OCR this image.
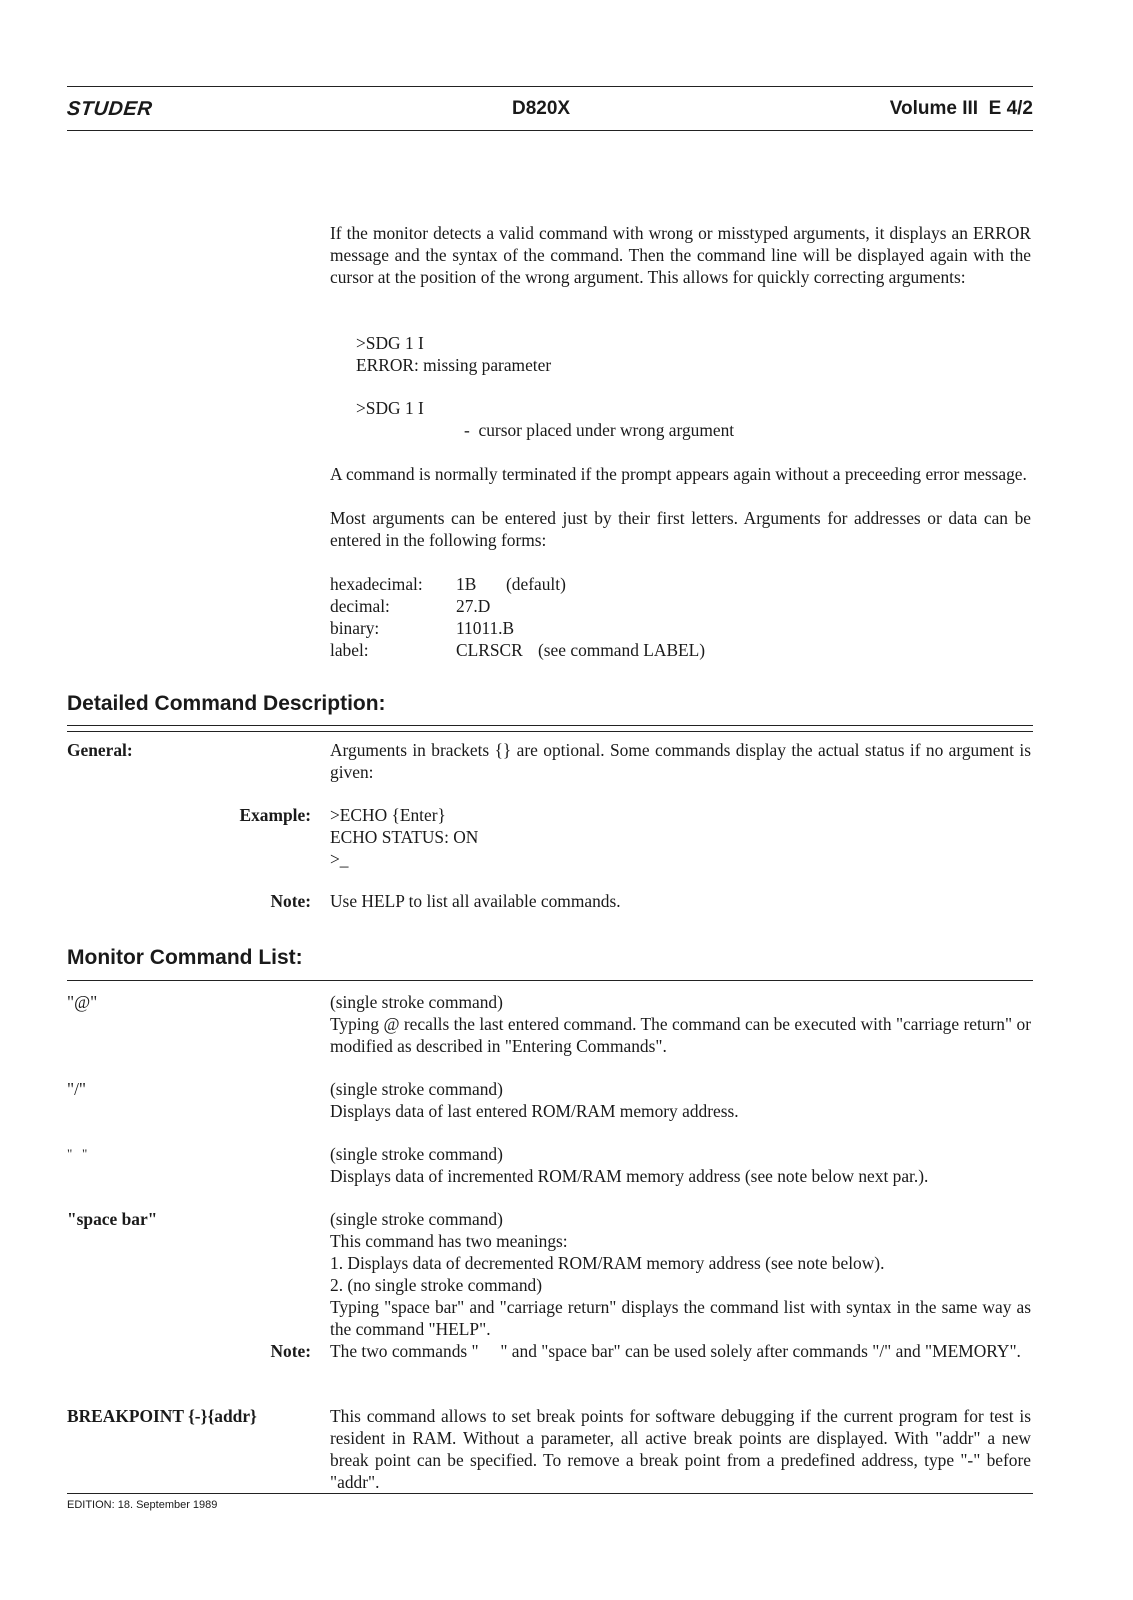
STUDER	D820X	Volume III  E 4/2
If the monitor detects a valid command with wrong or misstyped arguments, it displays an ERROR message and the syntax of the command. Then the command line will be displayed again with the cursor at the position of the wrong argument. This allows for quickly correcting arguments:
>SDG 1 I
ERROR: missing parameter
>SDG 1 I
-  cursor placed under wrong argument
A command is normally terminated if the prompt appears again without a preceeding error message.
Most arguments can be entered just by their first letters. Arguments for addresses or data can be entered in the following forms:
hexadecimal: 1B (default)
decimal:	27.D
binary:	11011.B
label:	CLRSCR (see command LABEL)
Detailed Command Description:
General:	Arguments in brackets {} are optional. Some commands display the actual status if no argument is given:
Example: >ECHO {Enter}
ECHO STATUS: ON
>_
Note: Use HELP to list all available commands.
Monitor Command List:
"@"	(single stroke command)
Typing @ recalls the last entered command. The command can be executed with "carriage return" or modified as described in "Entering Commands".
"/"	(single stroke command)
Displays data of last entered ROM/RAM memory address.
"   "	(single stroke command)
Displays data of incremented ROM/RAM memory address (see note below next par.).
"space bar"	(single stroke command)
This command has two meanings:
1. Displays data of decremented ROM/RAM memory address (see note below).
2. (no single stroke command)
Typing "space bar" and "carriage return" displays the command list with syntax in the same way as the command "HELP".
Note: The two commands "     " and "space bar" can be used solely after commands "/" and "MEMORY".
BREAKPOINT {-}{addr}	This command allows to set break points for software debugging if the current program for test is resident in RAM. Without a parameter, all active break points are displayed. With "addr" a new break point can be specified. To remove a break point from a predefined address, type "-" before "addr".
EDITION: 18. September 1989
